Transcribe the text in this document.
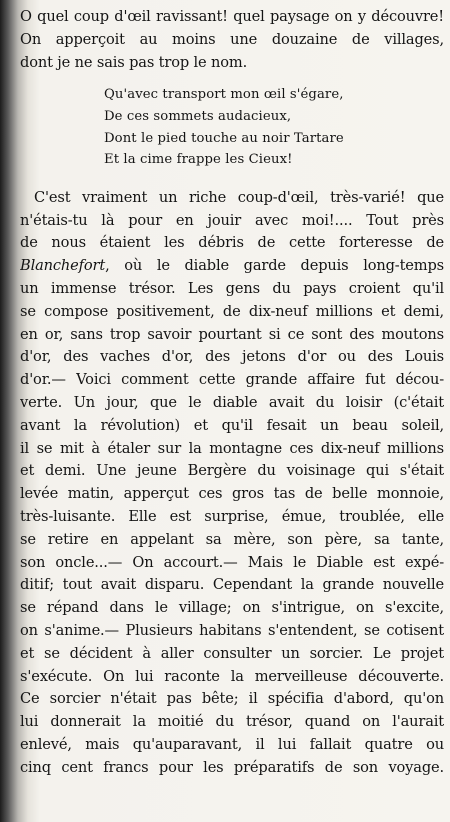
O quel coup d'œil ravissant! quel paysage on y découvre!
On apperçoit au moins une douzaine de villages,
dont je ne sais pas trop le nom.
Qu'avec transport mon œil s'égare,
De ces sommets audacieux,
Dont le pied touche au noir Tartare
Et la cime frappe les Cieux!
C'est vraiment un riche coup-d'œil, très-varié! que
n'étais-tu là pour en jouir avec moi!.... Tout près
de nous étaient les débris de cette forteresse de
Blanchefort, où le diable garde depuis long-temps
un immense trésor. Les gens du pays croient qu'il
se compose positivement, de dix-neuf millions et demi,
en or, sans trop savoir pourtant si ce sont des moutons
d'or, des vaches d'or, des jetons d'or ou des Louis
d'or.— Voici comment cette grande affaire fut décou-
verte. Un jour, que le diable avait du loisir (c'était
avant la révolution) et qu'il fesait un beau soleil,
il se mit à étaler sur la montagne ces dix-neuf millions
et demi. Une jeune Bergère du voisinage qui s'était
levée matin, apperçut ces gros tas de belle monnoie,
très-luisante. Elle est surprise, émue, troublée, elle
se retire en appelant sa mère, son père, sa tante,
son oncle...— On accourt.— Mais le Diable est expé-
ditif; tout avait disparu. Cependant la grande nouvelle
se répand dans le village; on s'intrigue, on s'excite,
on s'anime.— Plusieurs habitans s'entendent, se cotisent
et se décident à aller consulter un sorcier. Le projet
s'exécute. On lui raconte la merveilleuse découverte.
Ce sorcier n'était pas bête; il spécifia d'abord, qu'on
lui donnerait la moitié du trésor, quand on l'aurait
enlevé, mais qu'auparavant, il lui fallait quatre ou
cinq cent francs pour les préparatifs de son voyage.
